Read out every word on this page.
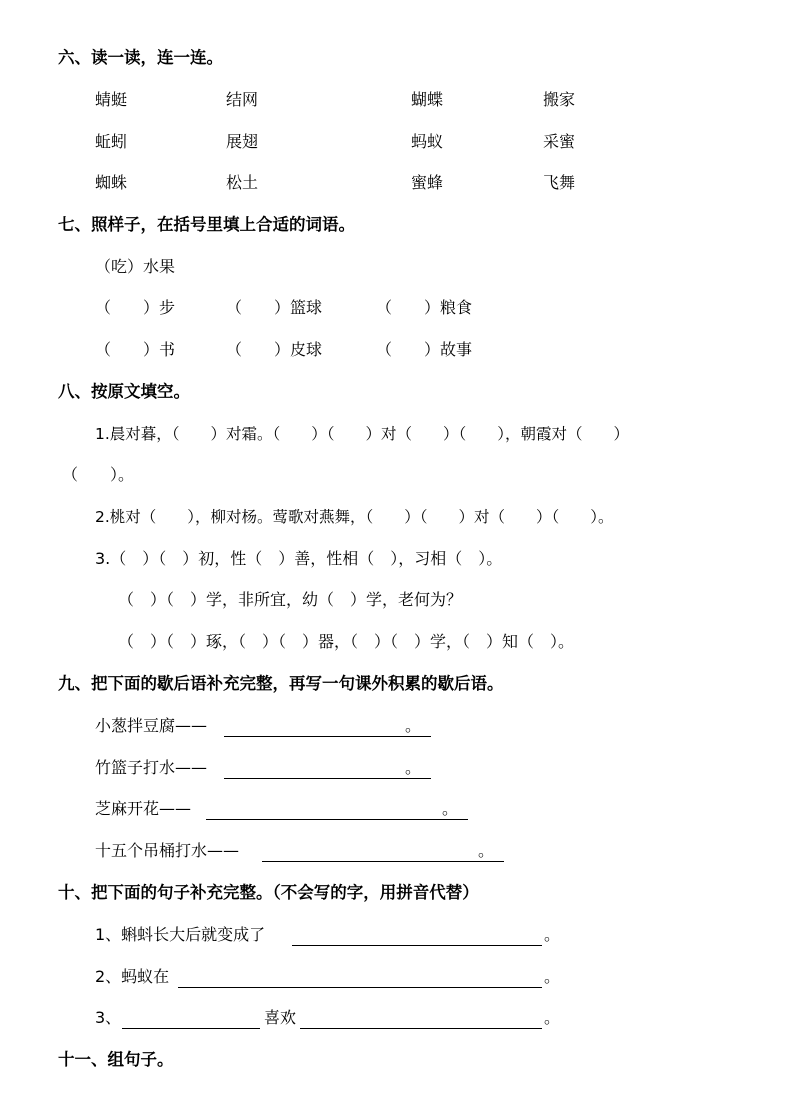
六、读一读，连一连。
蜻蜓	结网	蝴蝶	搬家
蚯蚓	展翅	蚂蚁	采蜜
蜘蛛	松土	蜜蜂	飞舞
七、照样子，在括号里填上合适的词语。
（吃）水果
（　　）步	（　　）篮球	（　　）粮食
（　　）书	（　　）皮球	（　　）故事
八、按原文填空。
1.晨对暮，（　　）对霜。（　　）（　　）对（　　）（　　），朝霞对（　　）
（　　）。
2.桃对（　　），柳对杨。莺歌对燕舞，（　　）（　　）对（　　）（　　）。
3.（　）（　）初，性（　）善，性相（　），习相（　）。
（　）（　）学，非所宜，幼（　）学，老何为？
（　）（　）琢，（　）（　）器，（　）（　）学，（　）知（　）。
九、把下面的歇后语补充完整，再写一句课外积累的歇后语。
小葱拌豆腐——	。
竹篮子打水——	。
芝麻开花——	。
十五个吊桶打水——	。
十、把下面的句子补充完整。（不会写的字，用拼音代替）
1、蝌蚪长大后就变成了	。
2、蚂蚁在	。
3、	喜欢	。
十一、组句子。
